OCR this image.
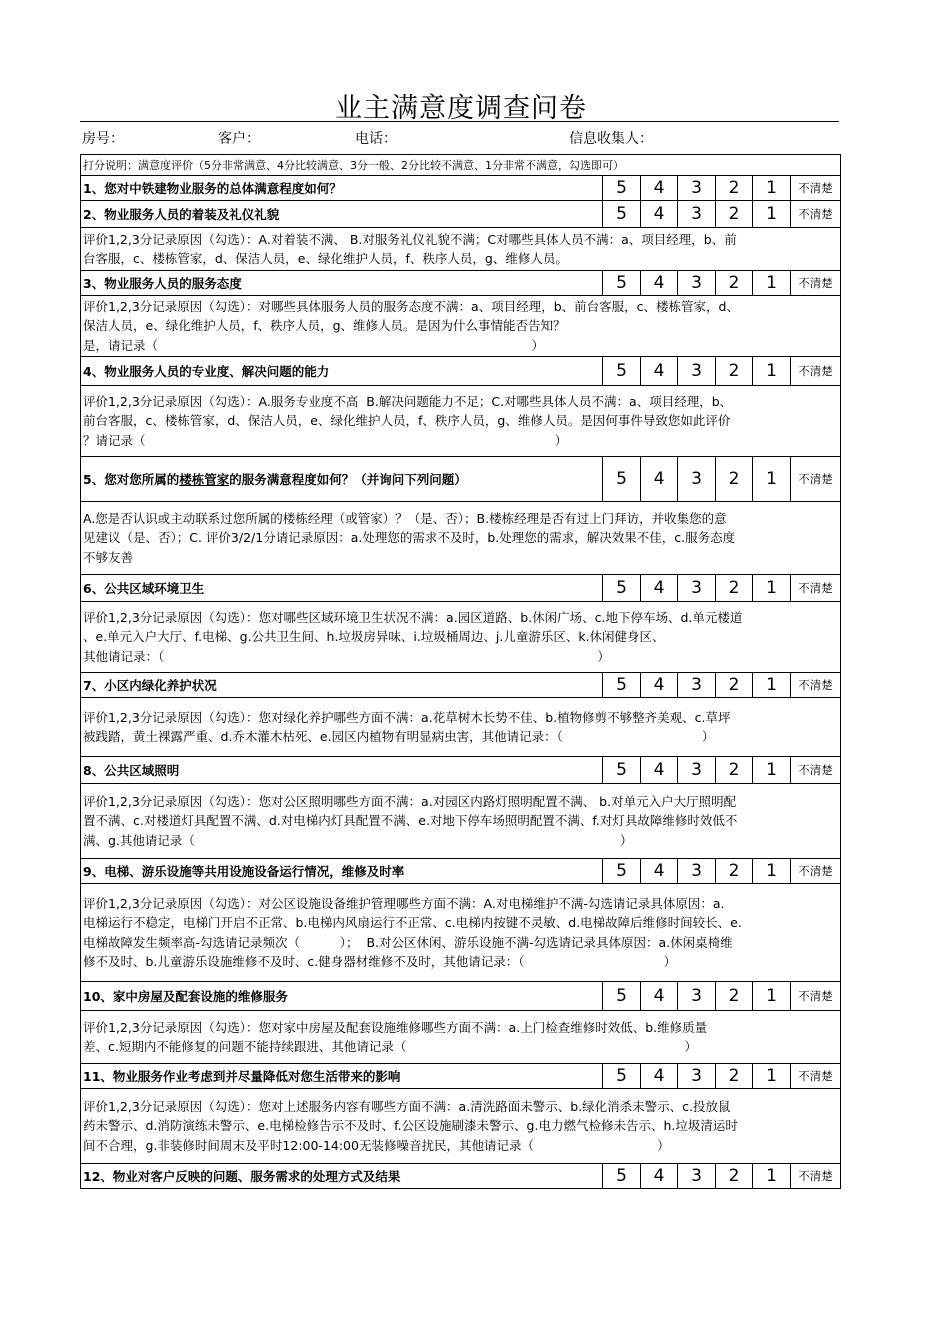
业主满意度调查问卷
房号：	客户：	电话：	信息收集人：
打分说明：满意度评价（5分非常满意、4分比较满意、3分一般、2分比较不满意、1分非常不满意，勾选即可）						
1、您对中铁建物业服务的总体满意程度如何？	5	4	3	2	1	不清楚
2、物业服务人员的着装及礼仪礼貌	5	4	3	2	1	不清楚

评价1,2,3分记录原因（勾选）：A.对着装不满、 B.对服务礼仪礼貌不满；C对哪些具体人员不满：a、项目经理，b、前
台客服，c、楼栋管家，d、保洁人员，e、绿化维护人员，f、秩序人员，g、维修人员。						

3、物业服务人员的服务态度	5	4	3	2	1	不清楚

评价1,2,3分记录原因（勾选）：对哪些具体服务人员的服务态度不满：a、项目经理，b、前台客服，c、楼栋管家，d、
保洁人员，e、绿化维护人员，f、秩序人员，g、维修人员。是因为什么事情能否告知？
是，请记录（                                                                                              ）						

4、物业服务人员的专业度、解决问题的能力	5	4	3	2	1	不清楚

评价1,2,3分记录原因（勾选）：A.服务专业度不高  B.解决问题能力不足；C.对哪些具体人员不满：a、项目经理，b、
前台客服，c、楼栋管家，d、保洁人员，e、绿化维护人员，f、秩序人员，g、维修人员。是因何事件导致您如此评价
？请记录（                                                                                                       ）						

5、您对您所属的楼栋管家的服务满意程度如何？（并询问下列问题）	5	4	3	2	1	不清楚

A.您是否认识或主动联系过您所属的楼栋经理（或管家）？（是、否）；B.楼栋经理是否有过上门拜访，并收集您的意
见建议（是、否）；C. 评价3/2/1分请记录原因：a.处理您的需求不及时，b.处理您的需求，解决效果不佳，c.服务态度
不够友善						

6、公共区域环境卫生	5	4	3	2	1	不清楚

评价1,2,3分记录原因（勾选）：您对哪些区域环境卫生状况不满：a.园区道路、b.休闲广场、c.地下停车场、d.单元楼道
、e.单元入户大厅、f.电梯、g.公共卫生间、h.垃圾房异味、i.垃圾桶周边、j.儿童游乐区、k.休闲健身区、
其他请记录：（                                                                                                             ）						

7、小区内绿化养护状况	5	4	3	2	1	不清楚

评价1,2,3分记录原因（勾选）：您对绿化养护哪些方面不满：a.花草树木长势不佳、b.植物修剪不够整齐美观、c.草坪
被践踏，黄土裸露严重、d.乔木灌木枯死、e.园区内植物有明显病虫害，其他请记录：（                                   ）						

8、公共区域照明	5	4	3	2	1	不清楚

评价1,2,3分记录原因（勾选）：您对公区照明哪些方面不满：a.对园区内路灯照明配置不满、 b.对单元入户大厅照明配
置不满、c.对楼道灯具配置不满、d.对电梯内灯具配置不满、e.对地下停车场照明配置不满、f.对灯具故障维修时效低不
满、g.其他请记录（                                                                                                           ）						

9、电梯、游乐设施等共用设施设备运行情况，维修及时率	5	4	3	2	1	不清楚

评价1,2,3分记录原因（勾选）：对公区设施设备维护管理哪些方面不满：A.对电梯维护不满-勾选请记录具体原因：a.
电梯运行不稳定，电梯门开启不正常、b.电梯内风扇运行不正常、c.电梯内按键不灵敏、d.电梯故障后维修时间较长、e.
电梯故障发生频率高-勾选请记录频次（          ）；  B.对公区休闲、游乐设施不满-勾选请记录具体原因：a.休闲桌椅维
修不及时、b.儿童游乐设施维修不及时、c.健身器材维修不及时，其他请记录：（                                   ）						

10、家中房屋及配套设施的维修服务	5	4	3	2	1	不清楚

评价1,2,3分记录原因（勾选）：您对家中房屋及配套设施维修哪些方面不满：a.上门检查维修时效低、b.维修质量
差、c.短期内不能修复的问题不能持续跟进、其他请记录（                                                                      ）						

11、物业服务作业考虑到并尽量降低对您生活带来的影响	5	4	3	2	1	不清楚

评价1,2,3分记录原因（勾选）：您对上述服务内容有哪些方面不满：a.清洗路面未警示、b.绿化消杀未警示、c.投放鼠
药未警示、d.消防演练未警示、e.电梯检修告示不及时、f.公区设施刷漆未警示、g.电力燃气检修未告示、h.垃圾清运时
间不合理，g.非装修时间周末及平时12:00-14:00无装修噪音扰民，其他请记录（                               ）						

12、物业对客户反映的问题、服务需求的处理方式及结果	5	4	3	2	1	不清楚
